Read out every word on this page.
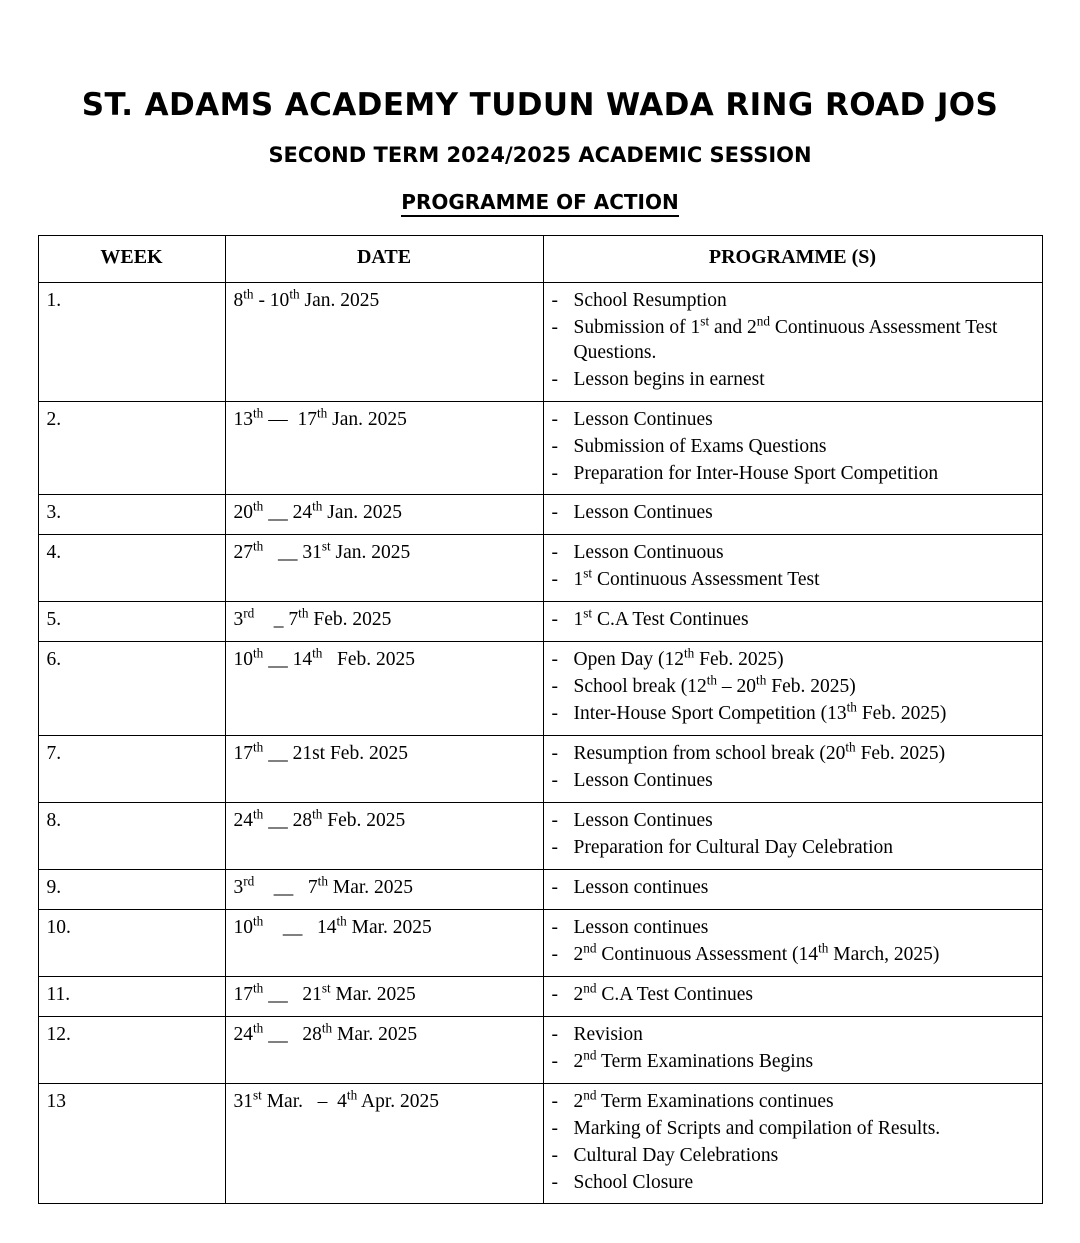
ST. ADAMS ACADEMY TUDUN WADA RING ROAD JOS
SECOND TERM 2024/2025 ACADEMIC SESSION
PROGRAMME OF ACTION
WEEK	DATE	PROGRAMME (S)
1.	8th - 10th Jan. 2025	- School Resumption
- Submission of 1st and 2nd Continuous Assessment Test Questions.
- Lesson begins in earnest

2.	13th —  17th Jan. 2025	- Lesson Continues
- Submission of Exams Questions
- Preparation for Inter-House Sport Competition

3.	20th __ 24th Jan. 2025	- Lesson Continues

4.	27th   __ 31st Jan. 2025	- Lesson Continuous
- 1st Continuous Assessment Test

5.	3rd    _ 7th Feb. 2025	- 1st C.A Test Continues

6.	10th __ 14th   Feb. 2025	- Open Day (12th Feb. 2025)
- School break (12th – 20th Feb. 2025)
- Inter-House Sport Competition (13th Feb. 2025)

7.	17th __ 21st Feb. 2025	- Resumption from school break (20th Feb. 2025)
- Lesson Continues

8.	24th __ 28th Feb. 2025	- Lesson Continues
- Preparation for Cultural Day Celebration

9.	3rd    __   7th Mar. 2025	- Lesson continues

10.	10th    __   14th Mar. 2025	- Lesson continues
- 2nd Continuous Assessment (14th March, 2025)

11.	17th __   21st Mar. 2025	- 2nd C.A Test Continues

12.	24th __   28th Mar. 2025	- Revision
- 2nd Term Examinations Begins

13	31st Mar.   –  4th Apr. 2025	- 2nd Term Examinations continues
- Marking of Scripts and compilation of Results.
- Cultural Day Celebrations
- School Closure
